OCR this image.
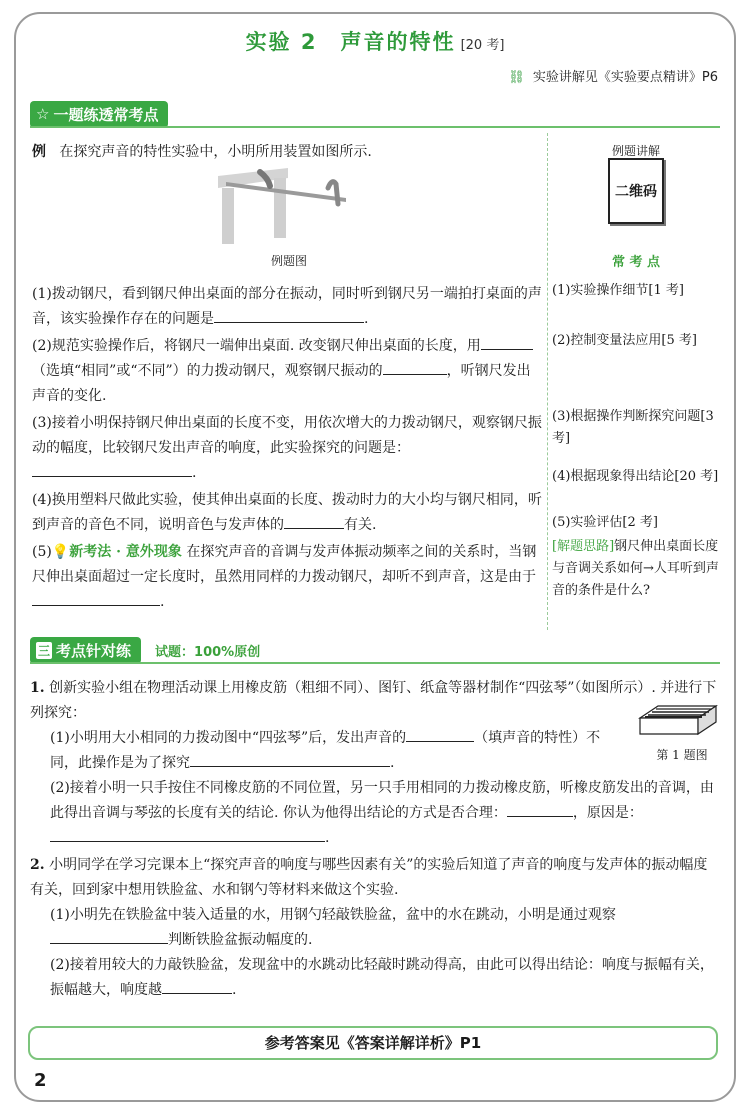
实验 2　声音的特性 [20 考]
⛓ 实验讲解见《实验要点精讲》P6
☆ 一题练透常考点
例 在探究声音的特性实验中，小明所用装置如图所示.
例题图

(1)拨动钢尺，看到钢尺伸出桌面的部分在振动，同时听到钢尺另一端拍打桌面的声音，该实验操作存在的问题是	.

(2)规范实验操作后，将钢尺一端伸出桌面. 改变钢尺伸出桌面的长度，用（选填“相同”或“不同”）的力拨动钢尺，观察钢尺振动的	，听钢尺发出声音的变化.

(3)接着小明保持钢尺伸出桌面的长度不变，用依次增大的力拨动钢尺，观察钢尺振动的幅度，比较钢尺发出声音的响度，此实验探究的问题是：.

(4)换用塑料尺做此实验，使其伸出桌面的长度、拨动时力的大小均与钢尺相同，听到声音的音色不同，说明音色与发声体的	有关.

(5)💡新考法 · 意外现象 在探究声音的音调与发声体振动频率之间的关系时，当钢尺伸出桌面超过一定长度时，虽然用同样的力拨动钢尺，却听不到声音，这是由于.

例题讲解
二维码
常 考 点
(1)实验操作细节[1 考]
(2)控制变量法应用[5 考]
(3)根据操作判断探究问题[3 考]
(4)根据现象得出结论[20 考]
(5)实验评估[2 考]
[解题思路]钢尺伸出桌面长度与音调关系如何→人耳听到声音的条件是什么?
三 考点针对练 试题：100%原创
1. 创新实验小组在物理活动课上用橡皮筋（粗细不同）、图钉、纸盒等器材制作“四弦琴”（如图所示）. 并进行下列探究：
(1)小明用大小相同的力拨动图中“四弦琴”后，发出声音的	（填声音的特性）不同，此操作是为了探究	.
(2)接着小明一只手按住不同橡皮筋的不同位置，另一只手用相同的力拨动橡皮筋，听橡皮筋发出的音调，由此得出音调与琴弦的长度有关的结论. 你认为他得出结论的方式是否合理：	，原因是：.
2. 小明同学在学习完课本上“探究声音的响度与哪些因素有关”的实验后知道了声音的响度与发声体的振动幅度有关，回到家中想用铁脸盆、水和钢勺等材料来做这个实验.
(1)小明先在铁脸盆中装入适量的水，用钢勺轻敲铁脸盆，盆中的水在跳动，小明是通过观察判断铁脸盆振动幅度的.
(2)接着用较大的力敲铁脸盆，发现盆中的水跳动比轻敲时跳动得高，由此可以得出结论：响度与振幅有关，振幅越大，响度越	.
第 1 题图
参考答案见《答案详解详析》P1
2
